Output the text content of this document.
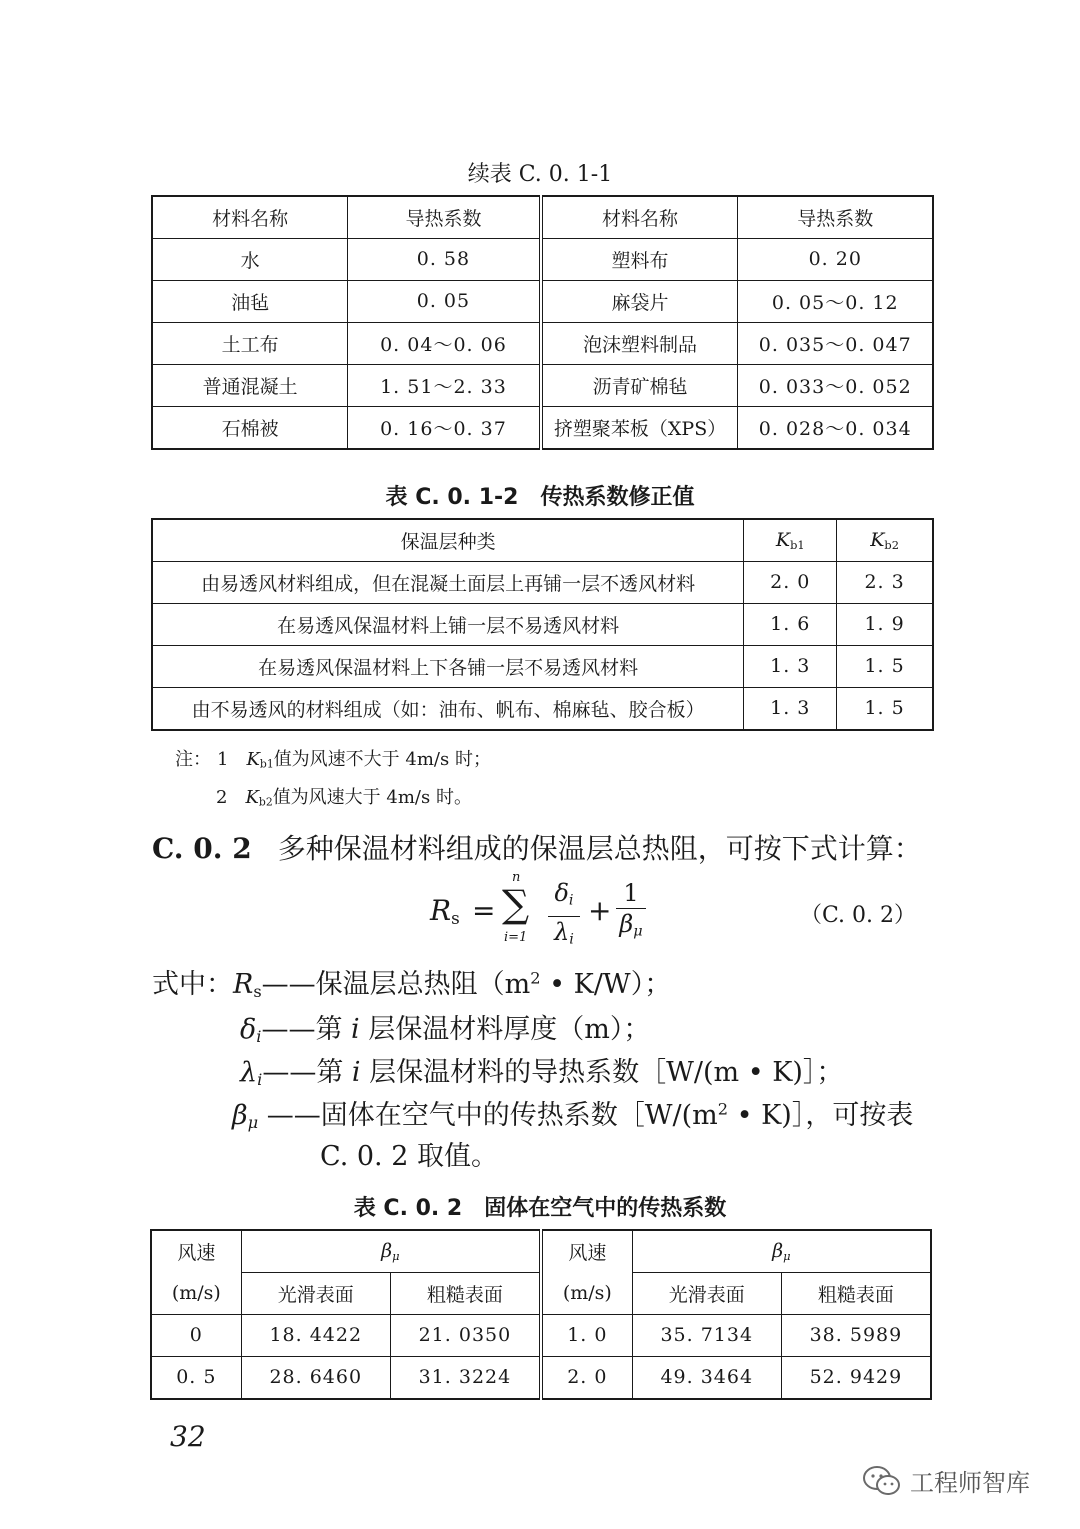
续表 C. 0. 1-1
材料名称	导热系数	材料名称	导热系数
水	0. 58	塑料布	0. 20
油毡	0. 05	麻袋片	0. 05～0. 12
土工布	0. 04～0. 06	泡沫塑料制品	0. 035～0. 047
普通混凝土	1. 51～2. 33	沥青矿棉毡	0. 033～0. 052
石棉被	0. 16～0. 37	挤塑聚苯板（XPS）	0. 028～0. 034
表 C. 0. 1-2　传热系数修正值
保温层种类	$K_{b1}$	$K_{b2}$
由易透风材料组成，但在混凝土面层上再铺一层不透风材料	2. 0	2. 3
在易透风保温材料上铺一层不易透风材料	1. 6	1. 9
在易透风保温材料上下各铺一层不易透风材料	1. 3	1. 5
由不易透风的材料组成（如：油布、帆布、棉麻毡、胶合板）	1. 3	1. 5
注： 1 $K_{b1}$值为风速不大于 4m/s 时；
2 $K_{b2}$值为风速大于 4m/s 时。
C. 0. 2 多种保温材料组成的保温层总热阻，可按下式计算：
$R_s$ =
n
∑
$i=1 \frac{\delta_i}{\lambda_i} + \frac{1}{\beta_\mu}$	（C. 0. 2）
式中：$R_s——$保温层总热阻（$m^2$ • K/W）；
$\delta_i——$第 i 层保温材料厚度（m）；
$\lambda_i——$第 i 层保温材料的导热系数［W/(m • K)］；
$\beta_\mu$ ——固体在空气中的传热系数$[W/(m^2$ • K)］，可按表
C. 0. 2 取值。
表 C. 0. 2　固体在空气中的传热系数
风速	$\beta_\mu$		风速	$\beta_\mu$
(m/s)	光滑表面	粗糙表面	(m/s)	光滑表面	粗糙表面
0	18. 4422	21. 0350	1. 0	35. 7134	38. 5989
0. 5	28. 6460	31. 3224	2. 0	49. 3464	52. 9429
32
工程师智库
